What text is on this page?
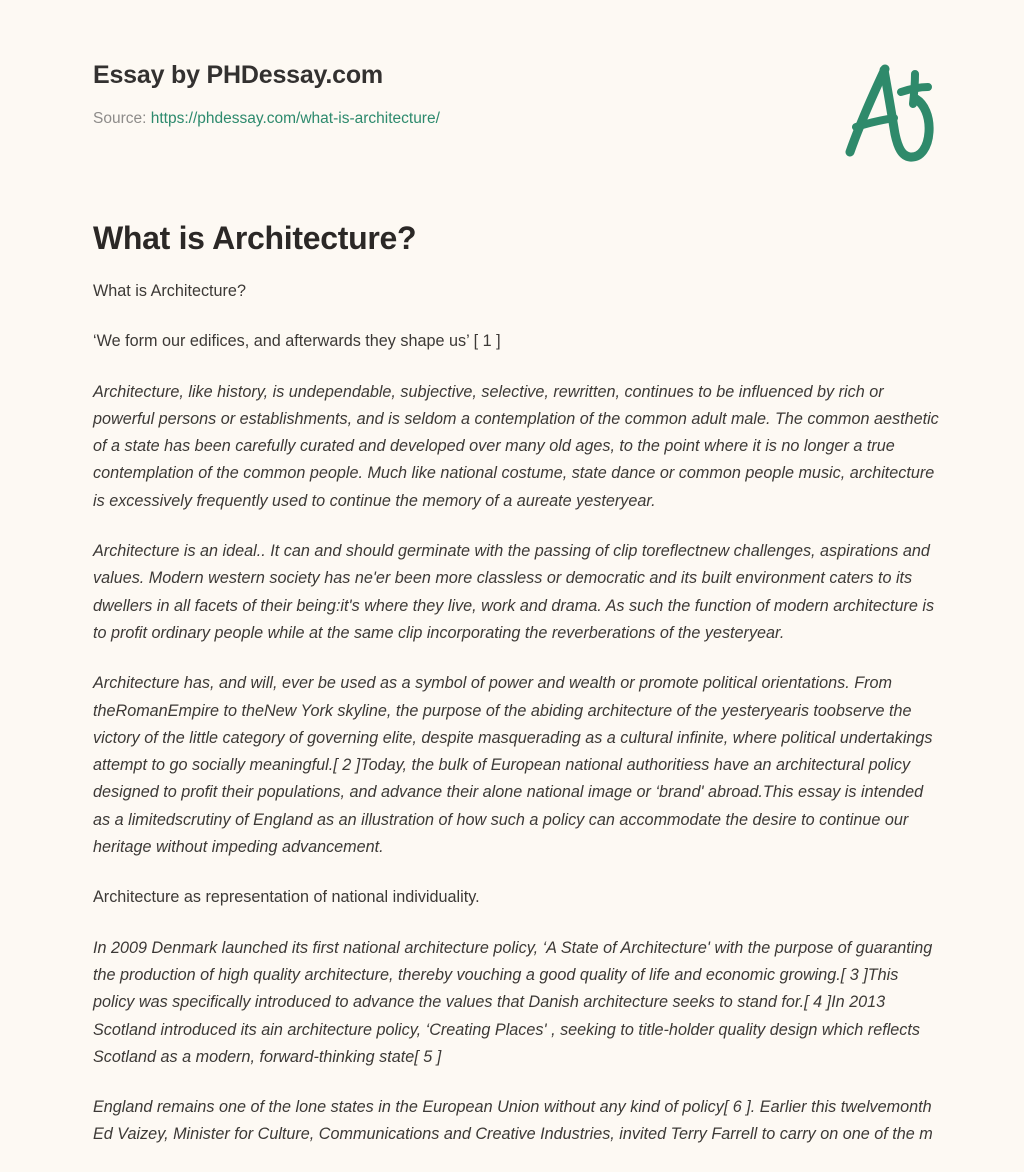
Essay by PHDessay.com
Source: https://phdessay.com/what-is-architecture/
What is Architecture?

What is Architecture?

‘We form our edifices, and afterwards they shape us’ [ 1 ]

Architecture, like history, is undependable, subjective, selective, rewritten, continues to be influenced by rich or powerful persons or establishments, and is seldom a contemplation of the common adult male. The common aesthetic of a state has been carefully curated and developed over many old ages, to the point where it is no longer a true contemplation of the common people. Much like national costume, state dance or common people music, architecture is excessively frequently used to continue the memory of a aureate yesteryear.

Architecture is an ideal.. It can and should germinate with the passing of clip toreflectnew challenges, aspirations and values. Modern western society has ne'er been more classless or democratic and its built environment caters to its dwellers in all facets of their being:it's where they live, work and drama. As such the function of modern architecture is to profit ordinary people while at the same clip incorporating the reverberations of the yesteryear.

Architecture has, and will, ever be used as a symbol of power and wealth or promote political orientations. From theRomanEmpire to theNew York skyline, the purpose of the abiding architecture of the yesteryearis toobserve the victory of the little category of governing elite, despite masquerading as a cultural infinite, where political undertakings attempt to go socially meaningful.[ 2 ]Today, the bulk of European national authoritiess have an architectural policy designed to profit their populations, and advance their alone national image or ‘brand' abroad.This essay is intended as a limitedscrutiny of England as an illustration of how such a policy can accommodate the desire to continue our heritage without impeding advancement.

Architecture as representation of national individuality.

In 2009 Denmark launched its first national architecture policy, ‘A State of Architecture' with the purpose of guaranting the production of high quality architecture, thereby vouching a good quality of life and economic growing.[ 3 ]This policy was specifically introduced to advance the values that Danish architecture seeks to stand for.[ 4 ]In 2013 Scotland introduced its ain architecture policy, ‘Creating Places' , seeking to title-holder quality design which reflects Scotland as a modern, forward-thinking state[ 5 ]

England remains one of the lone states in the European Union without any kind of policy[ 6 ]. Earlier this twelvemonth Ed Vaizey, Minister for Culture, Communications and Creative Industries, invited Terry Farrell to carry on one of the m
